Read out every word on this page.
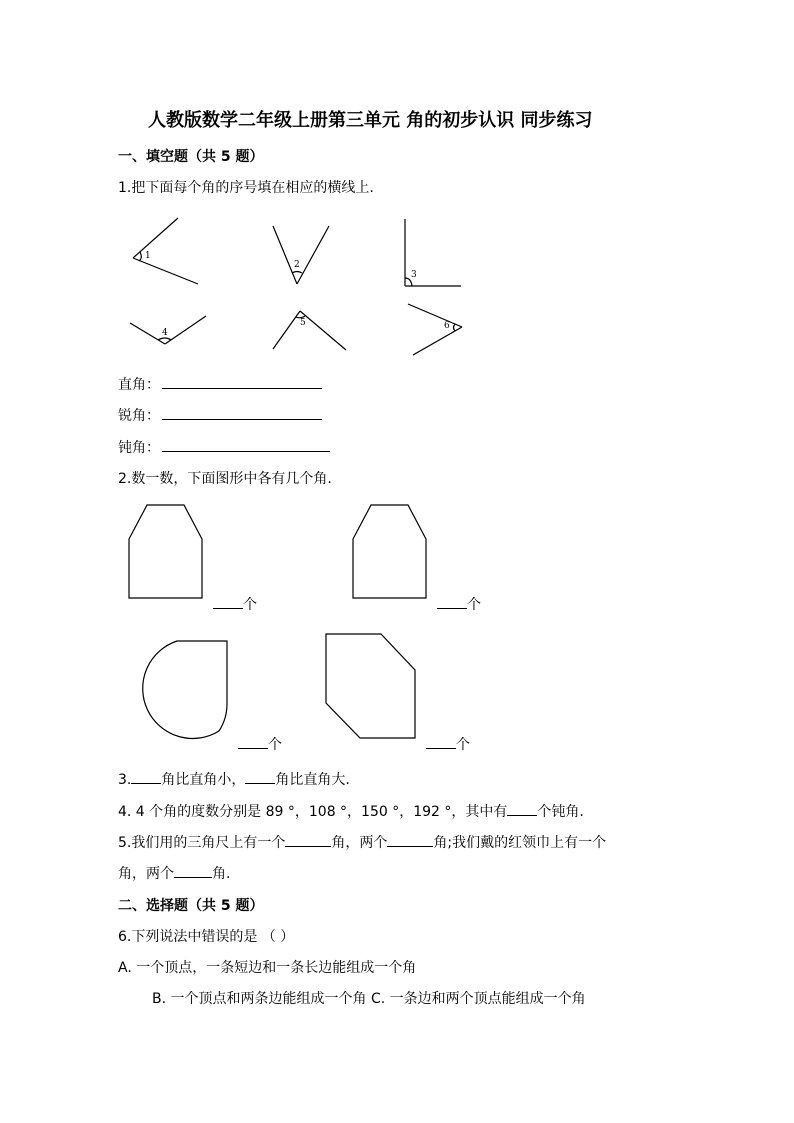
人教版数学二年级上册第三单元 角的初步认识 同步练习
一、填空题（共 5 题）
1.把下面每个角的序号填在相应的横线上.
1
2
3
4
5	6
直角：
锐角：
钝角：
2.数一数，下面图形中各有几个角.
个	个
个	个
3. 角比直角小， 角比直角大.
4. 4 个角的度数分别是 89 °，108 °，150 °，192 °，其中有 个钝角.
5.我们用的三角尺上有一个	角，两个	角;我们戴的红领巾上有一个
角，两个	角.
二、选择题（共 5 题）
6.下列说法中错误的是 （ ）
A. 一个顶点，一条短边和一条长边能组成一个角
B. 一个顶点和两条边能组成一个角 C. 一条边和两个顶点能组成一个角
